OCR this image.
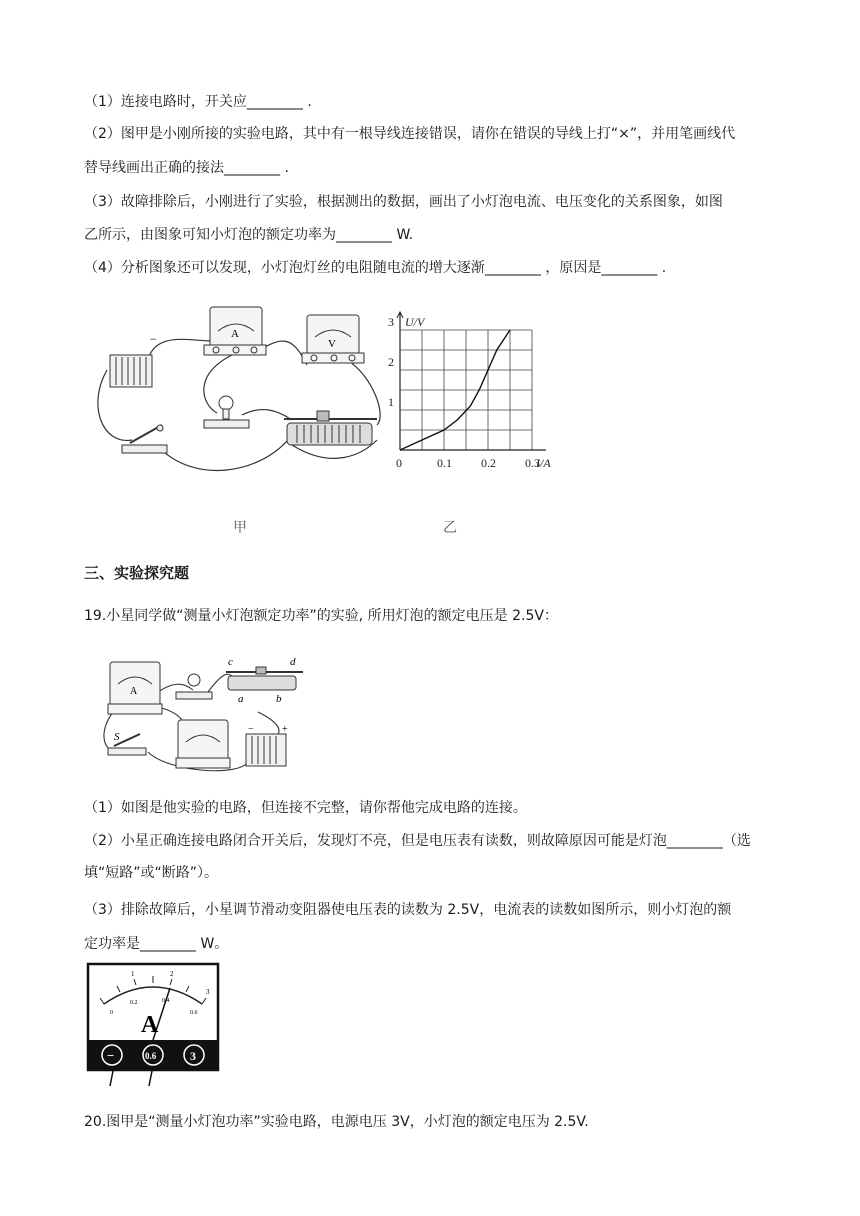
（1）连接电路时，开关应________ .
（2）图甲是小刚所接的实验电路，其中有一根导线连接错误，请你在错误的导线上打“×”，并用笔画线代
替导线画出正确的接法________ .
（3）故障排除后，小刚进行了实验，根据测出的数据，画出了小灯泡电流、电压变化的关系图象，如图
乙所示，由图象可知小灯泡的额定功率为________ W.
（4）分析图象还可以发现，小灯泡灯丝的电阻随电流的增大逐渐________ ，原因是________ .
−	A
V
甲
0	0.1 0.2 0.3
1
2
3 U/V
I/A
乙
三、实验探究题
19.小星同学做“测量小灯泡额定功率”的实验, 所用灯泡的额定电压是 2.5V：
A
c	d
a	b
S
+
−
（1）如图是他实验的电路，但连接不完整，请你帮他完成电路的连接。
（2）小星正确连接电路闭合开关后，发现灯不亮，但是电压表有读数，则故障原因可能是灯泡________（选
填“短路”或“断路”）。
（3）排除故障后，小星调节滑动变阻器使电压表的读数为 2.5V，电流表的读数如图所示，则小灯泡的额
定功率是________ W。
1	2
3
0
0.2	0.4
0.6
A
−	0.6	3
20.图甲是“测量小灯泡功率”实验电路，电源电压 3V，小灯泡的额定电压为 2.5V.
